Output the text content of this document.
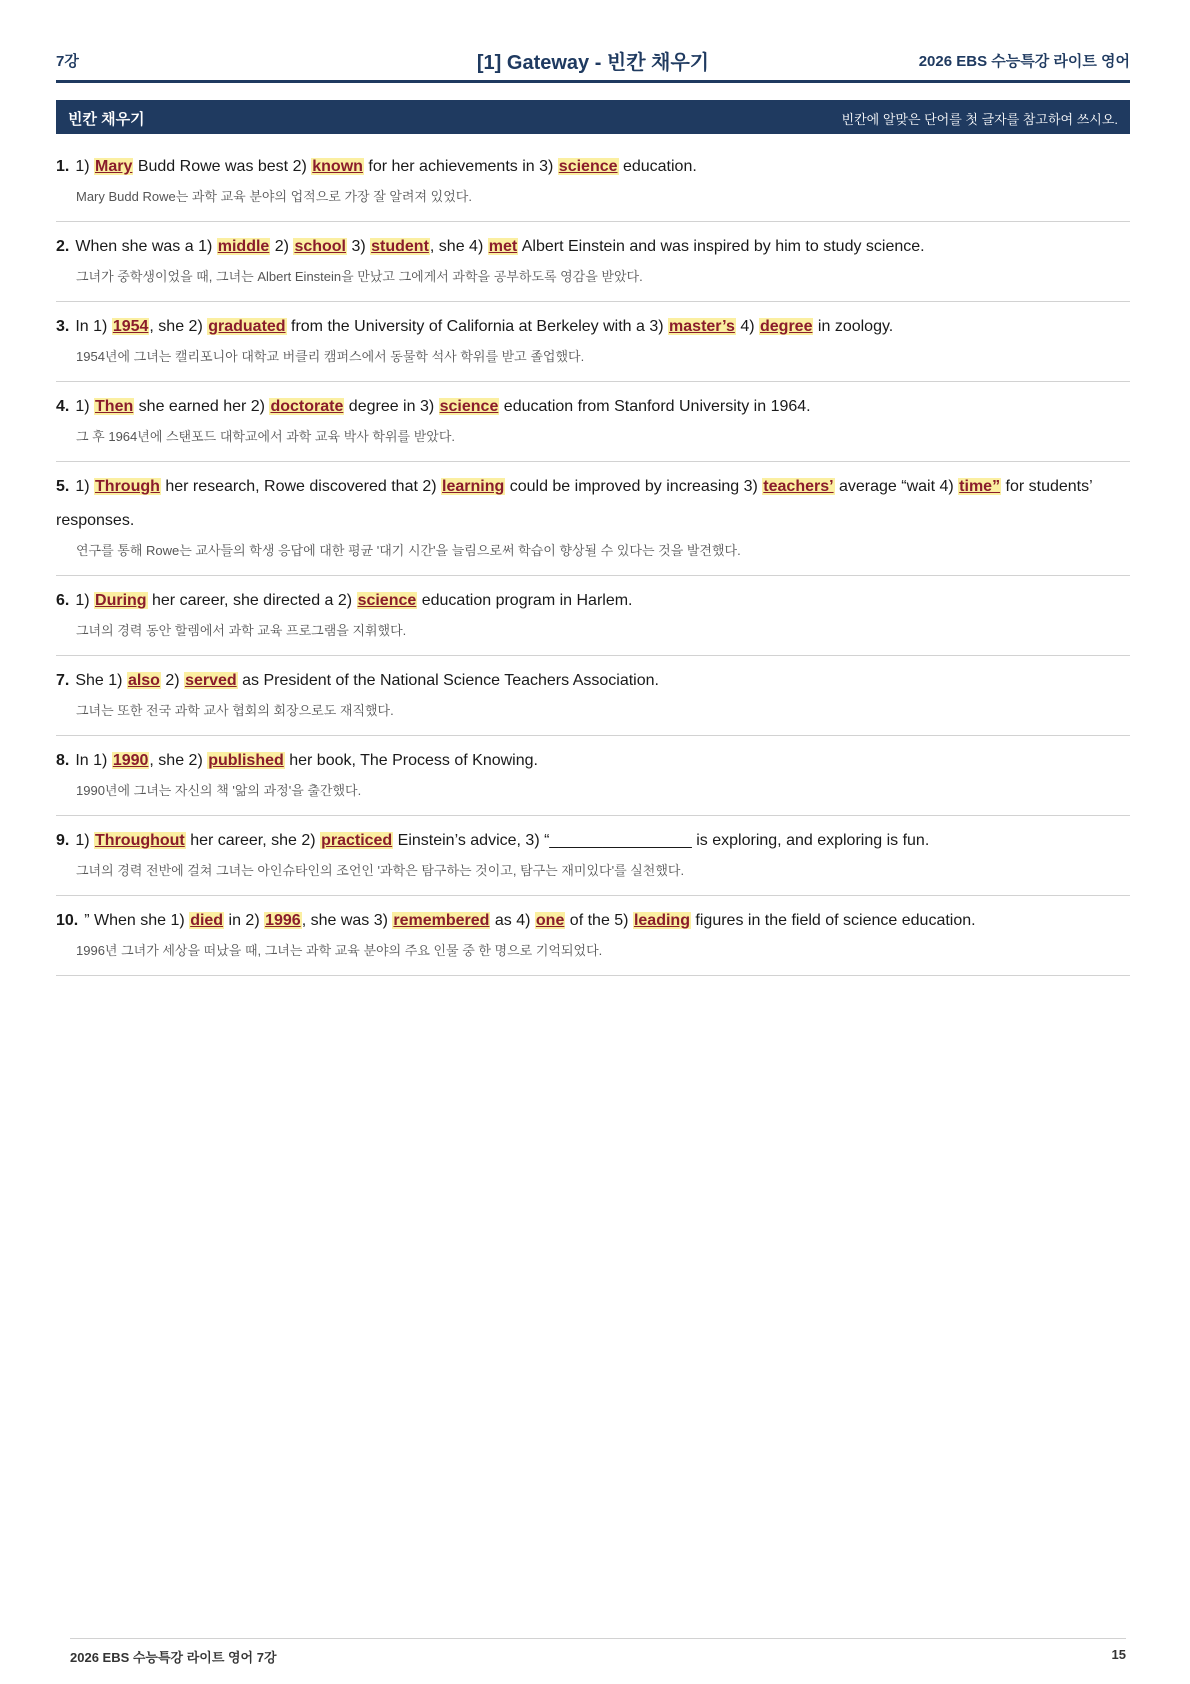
7강	[1] Gateway - 빈칸 채우기	2026 EBS 수능특강 라이트 영어
빈칸 채우기	빈칸에 알맞은 단어를 첫 글자를 참고하여 쓰시오.

1. 1) Mary Budd Rowe was best 2) known for her achievements in 3) science education.

Mary Budd Rowe는 과학 교육 분야의 업적으로 가장 잘 알려져 있었다.

2. When she was a 1) middle 2) school 3) student, she 4) met Albert Einstein and was inspired by him to study science.

그녀가 중학생이었을 때, 그녀는 Albert Einstein을 만났고 그에게서 과학을 공부하도록 영감을 받았다.

3. In 1) 1954, she 2) graduated from the University of California at Berkeley with a 3) master’s 4) degree in zoology.

1954년에 그녀는 캘리포니아 대학교 버클리 캠퍼스에서 동물학 석사 학위를 받고 졸업했다.

4. 1) Then she earned her 2) doctorate degree in 3) science education from Stanford University in 1964.

그 후 1964년에 스탠포드 대학교에서 과학 교육 박사 학위를 받았다.

5. 1) Through her research, Rowe discovered that 2) learning could be improved by increasing 3) teachers’ average “wait 4) time” for students’ responses.

연구를 통해 Rowe는 교사들의 학생 응답에 대한 평균 '대기 시간'을 늘림으로써 학습이 향상될 수 있다는 것을 발견했다.

6. 1) During her career, she directed a 2) science education program in Harlem.

그녀의 경력 동안 할렘에서 과학 교육 프로그램을 지휘했다.

7. She 1) also 2) served as President of the National Science Teachers Association.

그녀는 또한 전국 과학 교사 협회의 회장으로도 재직했다.

8. In 1) 1990, she 2) published her book, The Process of Knowing.

1990년에 그녀는 자신의 책 '앎의 과정'을 출간했다.

9. 1) Throughout her career, she 2) practiced Einstein’s advice, 3) “________________ is exploring, and exploring is fun.

그녀의 경력 전반에 걸쳐 그녀는 아인슈타인의 조언인 '과학은 탐구하는 것이고, 탐구는 재미있다'를 실천했다.

10. ” When she 1) died in 2) 1996, she was 3) remembered as 4) one of the 5) leading figures in the field of science education.

1996년 그녀가 세상을 떠났을 때, 그녀는 과학 교육 분야의 주요 인물 중 한 명으로 기억되었다.

2026 EBS 수능특강 라이트 영어 7강	15
